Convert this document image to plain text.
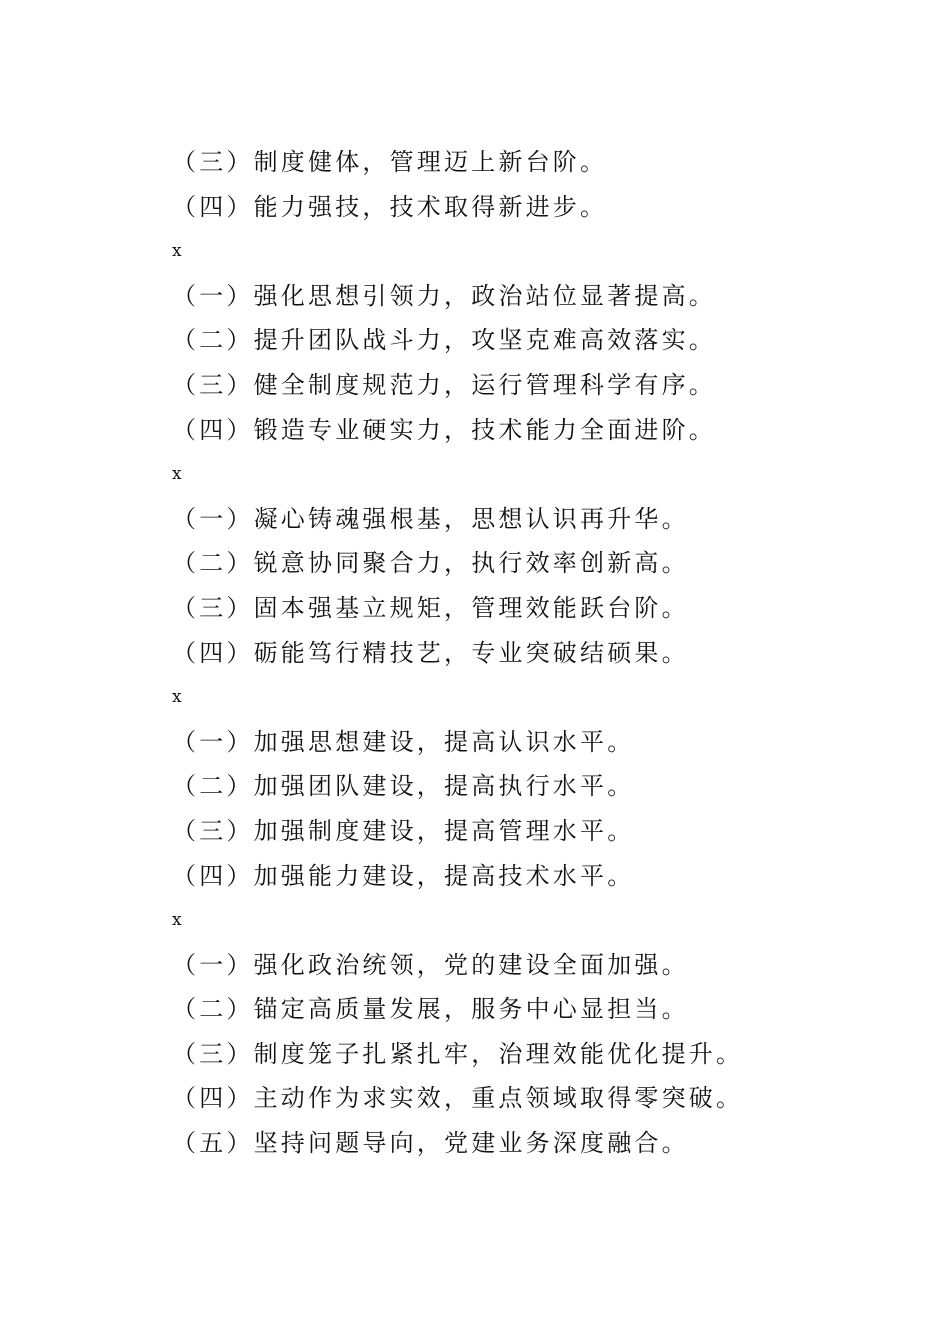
（三）制度健体，管理迈上新台阶。
（四）能力强技，技术取得新进步。
x
（一）强化思想引领力，政治站位显著提高。
（二）提升团队战斗力，攻坚克难高效落实。
（三）健全制度规范力，运行管理科学有序。
（四）锻造专业硬实力，技术能力全面进阶。
x
（一）凝心铸魂强根基，思想认识再升华。
（二）锐意协同聚合力，执行效率创新高。
（三）固本强基立规矩，管理效能跃台阶。
（四）砺能笃行精技艺，专业突破结硕果。
x
（一）加强思想建设，提高认识水平。
（二）加强团队建设，提高执行水平。
（三）加强制度建设，提高管理水平。
（四）加强能力建设，提高技术水平。
x
（一）强化政治统领，党的建设全面加强。
（二）锚定高质量发展，服务中心显担当。
（三）制度笼子扎紧扎牢，治理效能优化提升。
（四）主动作为求实效，重点领域取得零突破。
（五）坚持问题导向，党建业务深度融合。
